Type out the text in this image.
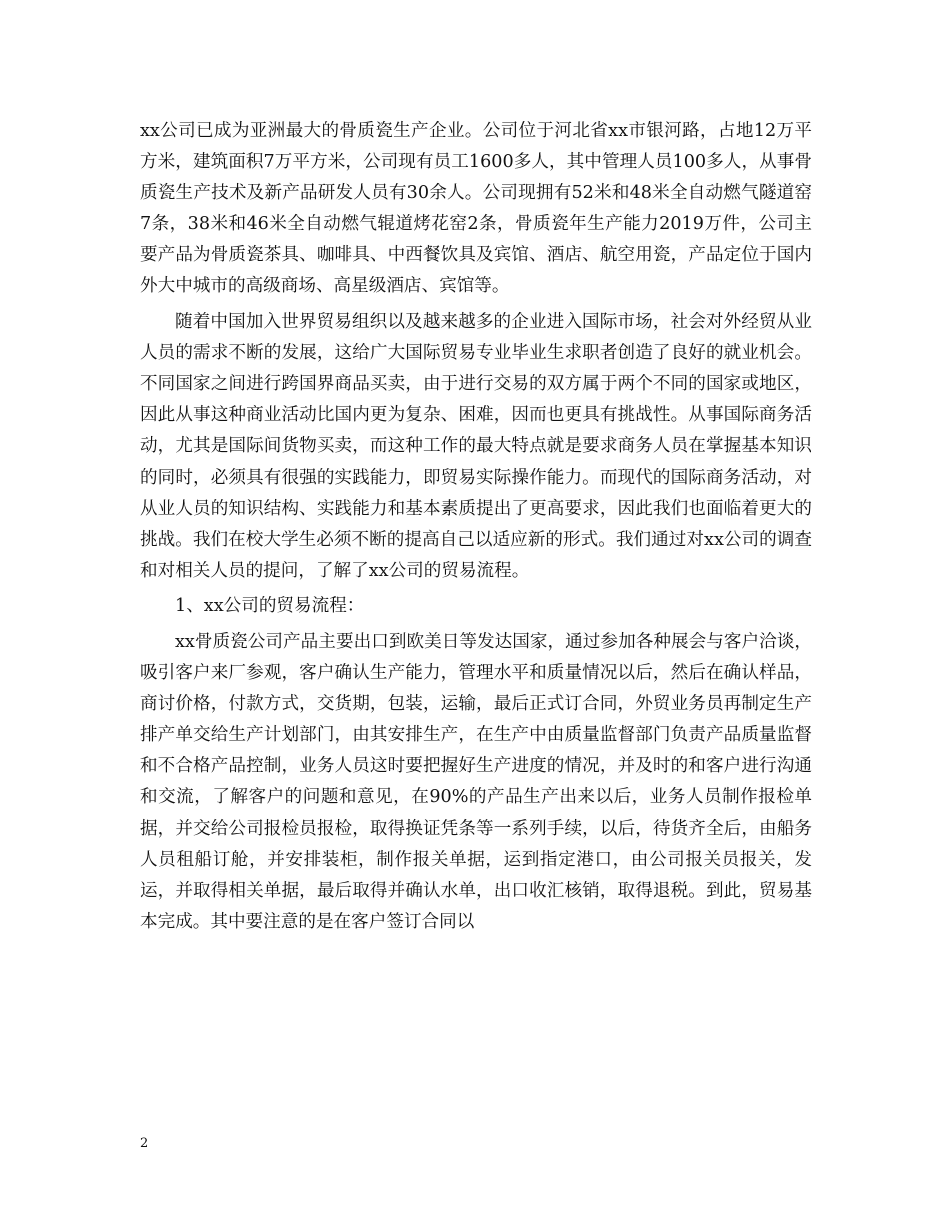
xx公司已成为亚洲最大的骨质瓷生产企业。公司位于河北省xx市银河路，占地12万平方米，建筑面积7万平方米，公司现有员工1600多人，其中管理人员100多人，从事骨质瓷生产技术及新产品研发人员有30余人。公司现拥有52米和48米全自动燃气隧道窑7条，38米和46米全自动燃气辊道烤花窑2条，骨质瓷年生产能力2019万件，公司主要产品为骨质瓷茶具、咖啡具、中西餐饮具及宾馆、酒店、航空用瓷，产品定位于国内外大中城市的高级商场、高星级酒店、宾馆等。

随着中国加入世界贸易组织以及越来越多的企业进入国际市场，社会对外经贸从业人员的需求不断的发展，这给广大国际贸易专业毕业生求职者创造了良好的就业机会。不同国家之间进行跨国界商品买卖，由于进行交易的双方属于两个不同的国家或地区，因此从事这种商业活动比国内更为复杂、困难，因而也更具有挑战性。从事国际商务活动，尤其是国际间货物买卖，而这种工作的最大特点就是要求商务人员在掌握基本知识的同时，必须具有很强的实践能力，即贸易实际操作能力。而现代的国际商务活动，对从业人员的知识结构、实践能力和基本素质提出了更高要求，因此我们也面临着更大的挑战。我们在校大学生必须不断的提高自己以适应新的形式。我们通过对xx公司的调查和对相关人员的提问，了解了xx公司的贸易流程。

1、xx公司的贸易流程：

xx骨质瓷公司产品主要出口到欧美日等发达国家，通过参加各种展会与客户洽谈，吸引客户来厂参观，客户确认生产能力，管理水平和质量情况以后，然后在确认样品，商讨价格，付款方式，交货期，包装，运输，最后正式订合同，外贸业务员再制定生产排产单交给生产计划部门，由其安排生产，在生产中由质量监督部门负责产品质量监督和不合格产品控制，业务人员这时要把握好生产进度的情况，并及时的和客户进行沟通和交流，了解客户的问题和意见，在90%的产品生产出来以后，业务人员制作报检单据，并交给公司报检员报检，取得换证凭条等一系列手续，以后，待货齐全后，由船务人员租船订舱，并安排装柜，制作报关单据，运到指定港口，由公司报关员报关，发运，并取得相关单据，最后取得并确认水单，出口收汇核销，取得退税。到此，贸易基本完成。其中要注意的是在客户签订合同以

2
